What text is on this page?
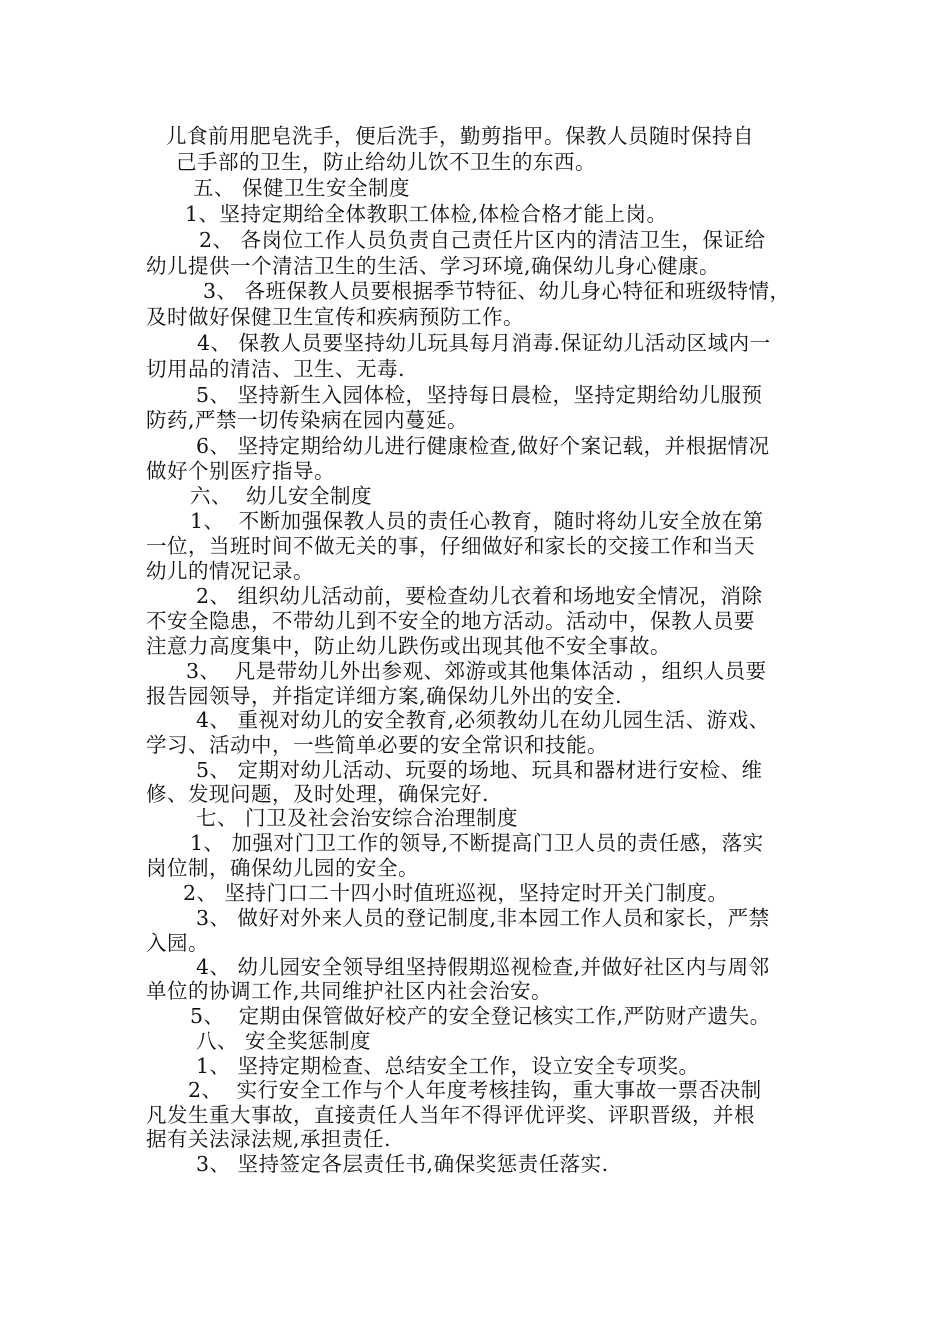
儿食前用肥皂洗手，便后洗手，勤剪指甲。保教人员随时保持自
己手部的卫生，防止给幼儿饮不卫生的东西。
五、 保健卫生安全制度
1、坚持定期给全体教职工体检,体检合格才能上岗。
2、 各岗位工作人员负责自己责任片区内的清洁卫生，保证给
幼儿提供一个清洁卫生的生活、学习环境,确保幼儿身心健康。
3、 各班保教人员要根据季节特征、幼儿身心特征和班级特情，
及时做好保健卫生宣传和疾病预防工作。
4、 保教人员要坚持幼儿玩具每月消毒.保证幼儿活动区域内一
切用品的清洁、卫生、无毒.
5、 坚持新生入园体检，坚持每日晨检，坚持定期给幼儿服预
防药,严禁一切传染病在园内蔓延。
6、 坚持定期给幼儿进行健康检查,做好个案记载，并根据情况
做好个别医疗指导。
六、  幼儿安全制度
1、  不断加强保教人员的责任心教育，随时将幼儿安全放在第
一位，当班时间不做无关的事，仔细做好和家长的交接工作和当天
幼儿的情况记录。
2、 组织幼儿活动前，要检查幼儿衣着和场地安全情况，消除
不安全隐患，不带幼儿到不安全的地方活动。活动中，保教人员要
注意力高度集中，防止幼儿跌伤或出现其他不安全事故。
3、  凡是带幼儿外出参观、郊游或其他集体活动 ，组织人员要
报告园领导，并指定详细方案,确保幼儿外出的安全.
4、 重视对幼儿的安全教育,必须教幼儿在幼儿园生活、游戏、
学习、活动中，一些简单必要的安全常识和技能。
5、 定期对幼儿活动、玩耍的场地、玩具和器材进行安检、维
修、发现问题，及时处理，确保完好.
七、 门卫及社会治安综合治理制度
1、 加强对门卫工作的领导,不断提高门卫人员的责任感，落实
岗位制，确保幼儿园的安全。
2、 坚持门口二十四小时值班巡视，坚持定时开关门制度。
3、 做好对外来人员的登记制度,非本园工作人员和家长，严禁
入园。
4、 幼儿园安全领导组坚持假期巡视检查,并做好社区内与周邻
单位的协调工作,共同维护社区内社会治安。
5、  定期由保管做好校产的安全登记核实工作,严防财产遗失。
八、 安全奖惩制度
1、 坚持定期检查、总结安全工作，设立安全专项奖。
2、  实行安全工作与个人年度考核挂钩，重大事故一票否决制
凡发生重大事故，直接责任人当年不得评优评奖、评职晋级，并根
据有关法渌法规,承担责任.
3、 坚持签定各层责任书,确保奖惩责任落实.
